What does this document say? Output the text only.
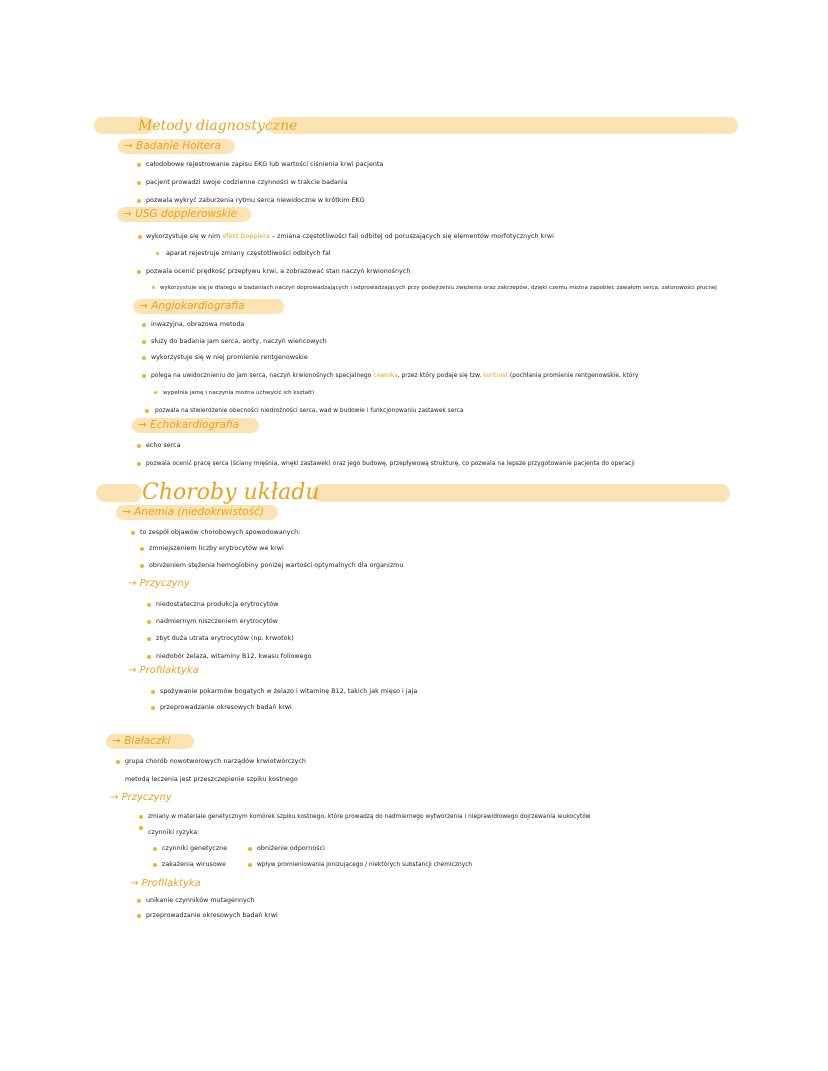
Metody diagnostyczne
→ Badanie Holtera
całodobowe rejestrowanie zapisu EKG lub wartości ciśnienia krwi pacjenta
pacjent prowadzi swoje codzienne czynności w trakcie badania
pozwala wykryć zaburzenia rytmu serca niewidoczne w krótkim EKG
→ USG dopplerowskie
wykorzystuje się w nim efekt Dopplera – zmiana częstotliwości fali odbitej od poruszających się elementów morfotycznych krwi
aparat rejestruje zmiany częstotliwości odbitych fal
pozwala ocenić prędkość przepływu krwi, a zobrazować stan naczyń krwionośnych
wykorzystuje się je dlatego w badaniach naczyń doprowadzających i odprowadzających przy podejrzeniu zwężenia oraz zakrzepów, dzięki czemu można zapobiec zawałom serca, zatorowości płucnej
→ Angiokardiografia
inwazyjna, obrazowa metoda
służy do badania jam serca, aorty, naczyń wieńcowych
wykorzystuje się w niej promienie rentgenowskie
polega na uwidocznieniu do jam serca, naczyń krwionośnych specjalnego cewnika, przez który podaje się tzw. kontrast (pochłania promienie rentgenowskie, który
wypełnia jamę i naczynia można uchwycić ich kształt)
pozwala na stwierdzenie obecności niedrożności serca, wad w budowie i funkcjonowaniu zastawek serca
→ Echokardiografia
echo serca
pozwala ocenić pracę serca (ściany mięśnia, wnęki zastawek) oraz jego budowę, przepływową strukturę, co pozwala na lepsze przygotowanie pacjenta do operacji
Choroby układu
→ Anemia (niedokrwistość)
to zespół objawów chorobowych spowodowanych:
zmniejszeniem liczby erytrocytów we krwi
obniżeniem stężenia hemoglobiny poniżej wartości optymalnych dla organizmu
→ Przyczyny
niedostateczna produkcja erytrocytów
nadmiernym niszczeniem erytrocytów
zbyt duża utrata erytrocytów (np. krwotok)
niedobór żelaza, witaminy B12, kwasu foliowego
→ Profilaktyka
spożywanie pokarmów bogatych w żelazo i witaminę B12, takich jak mięso i jaja
przeprowadzanie okresowych badań krwi
→ Białaczki
grupa chorób nowotworowych narządów krwiotwórczych
metodą leczenia jest przeszczepienie szpiku kostnego
→ Przyczyny
zmiany w materiale genetycznym komórek szpiku kostnego, które prowadzą do nadmiernego wytworzenia i nieprawidłowego dojrzewania leukocytów
czynniki ryzyka:
czynniki genetyczne
zakażenia wirusowe
obniżenie odporności
wpływ promieniowania jonizującego / niektórych substancji chemicznych
→ Profilaktyka
unikanie czynników mutagennych
przeprowadzanie okresowych badań krwi
